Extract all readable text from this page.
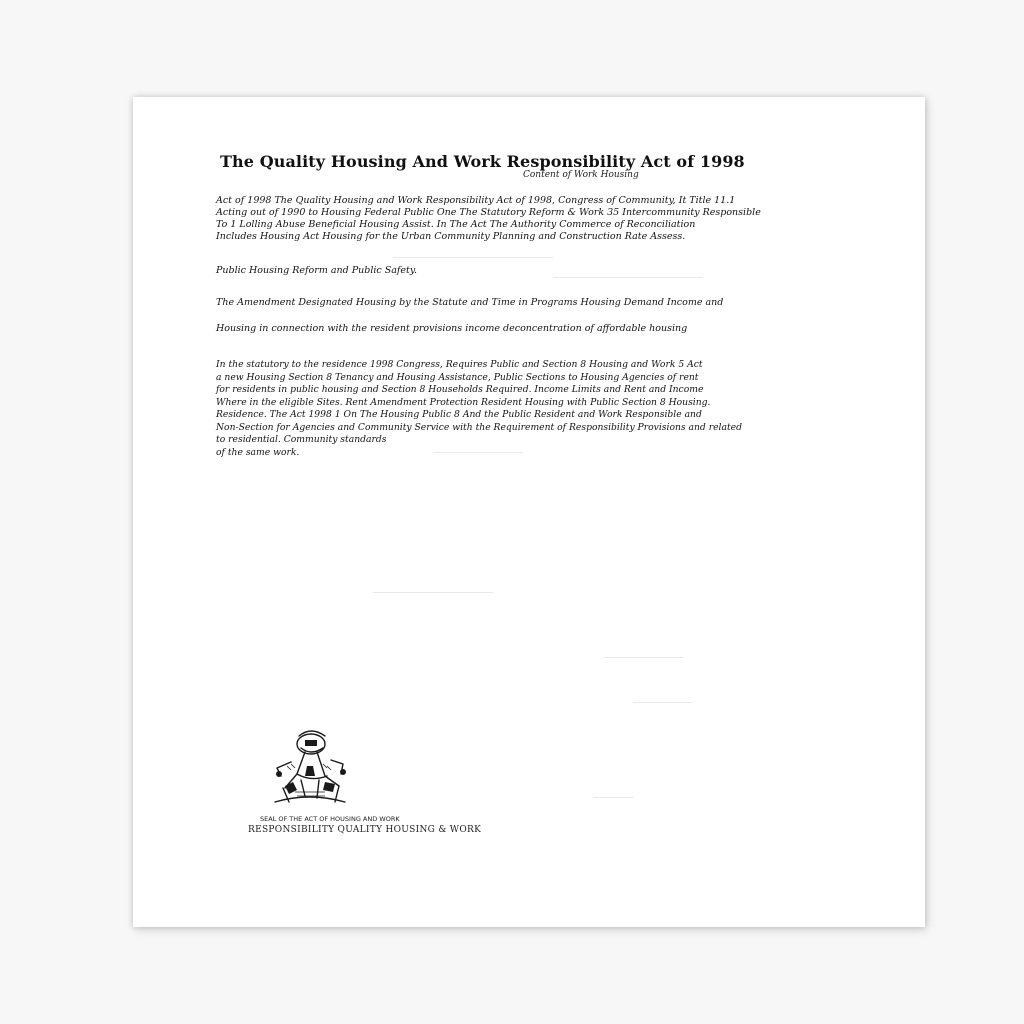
The Quality Housing And Work Responsibility Act of 1998
Content of Work Housing

Act of 1998 The Quality Housing and Work Responsibility Act of 1998, Congress of Community, It Title 11.1
Acting out of 1990 to Housing Federal Public One The Statutory Reform & Work 35 Intercommunity Responsible
To 1 Lolling Abuse Beneficial Housing Assist. In The Act The Authority Commerce of Reconciliation
Includes Housing Act Housing for the Urban Community Planning and Construction Rate Assess.

Public Housing Reform and Public Safety.

The Amendment Designated Housing by the Statute and Time in Programs Housing Demand Income and

Housing in connection with the resident provisions income deconcentration of affordable housing

In the statutory to the residence 1998 Congress, Requires Public and Section 8 Housing and Work 5 Act
a new Housing Section 8 Tenancy and Housing Assistance, Public Sections to Housing Agencies of rent
for residents in public housing and Section 8 Households Required. Income Limits and Rent and Income
Where in the eligible Sites. Rent Amendment Protection Resident Housing with Public Section 8 Housing.
Residence. The Act 1998 1 On The Housing Public 8 And the Public Resident and Work Responsible and
Non-Section for Agencies and Community Service with the Requirement of Responsibility Provisions and related
to residential. Community standards
of the same work.

SEAL OF THE ACT OF HOUSING AND WORK
RESPONSIBILITY QUALITY HOUSING & WORK
